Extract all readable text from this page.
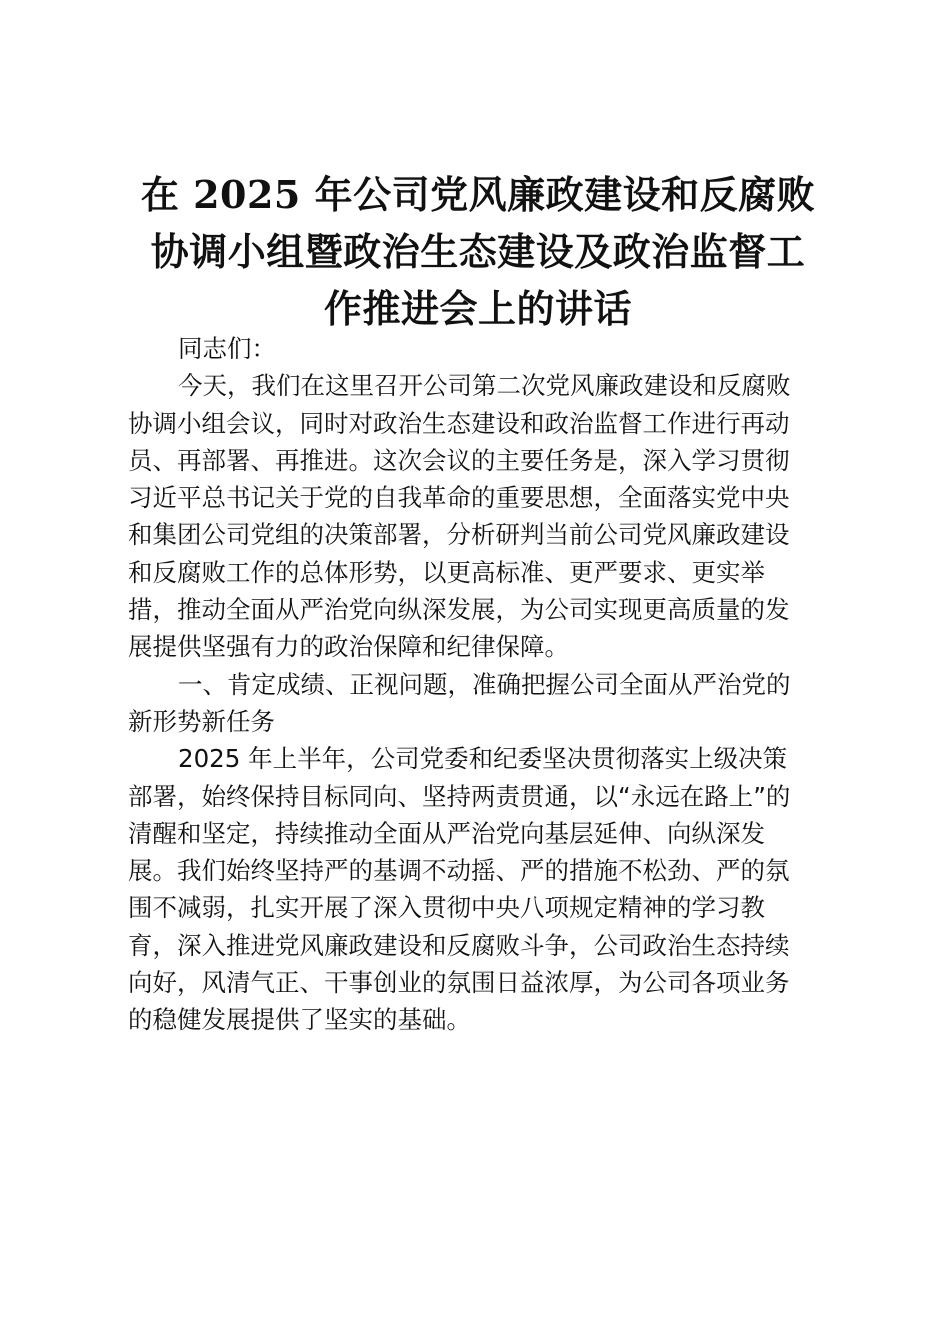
在 2025 年公司党风廉政建设和反腐败
协调小组暨政治生态建设及政治监督工
作推进会上的讲话

同志们：

今天，我们在这里召开公司第二次党风廉政建设和反腐败
协调小组会议，同时对政治生态建设和政治监督工作进行再动
员、再部署、再推进。这次会议的主要任务是，深入学习贯彻
习近平总书记关于党的自我革命的重要思想，全面落实党中央
和集团公司党组的决策部署，分析研判当前公司党风廉政建设
和反腐败工作的总体形势，以更高标准、更严要求、更实举
措，推动全面从严治党向纵深发展，为公司实现更高质量的发
展提供坚强有力的政治保障和纪律保障。

一、肯定成绩、正视问题，准确把握公司全面从严治党的
新形势新任务

2025 年上半年，公司党委和纪委坚决贯彻落实上级决策
部署，始终保持目标同向、坚持两责贯通，以“永远在路上”的
清醒和坚定，持续推动全面从严治党向基层延伸、向纵深发
展。我们始终坚持严的基调不动摇、严的措施不松劲、严的氛
围不减弱，扎实开展了深入贯彻中央八项规定精神的学习教
育，深入推进党风廉政建设和反腐败斗争，公司政治生态持续
向好，风清气正、干事创业的氛围日益浓厚，为公司各项业务
的稳健发展提供了坚实的基础。
